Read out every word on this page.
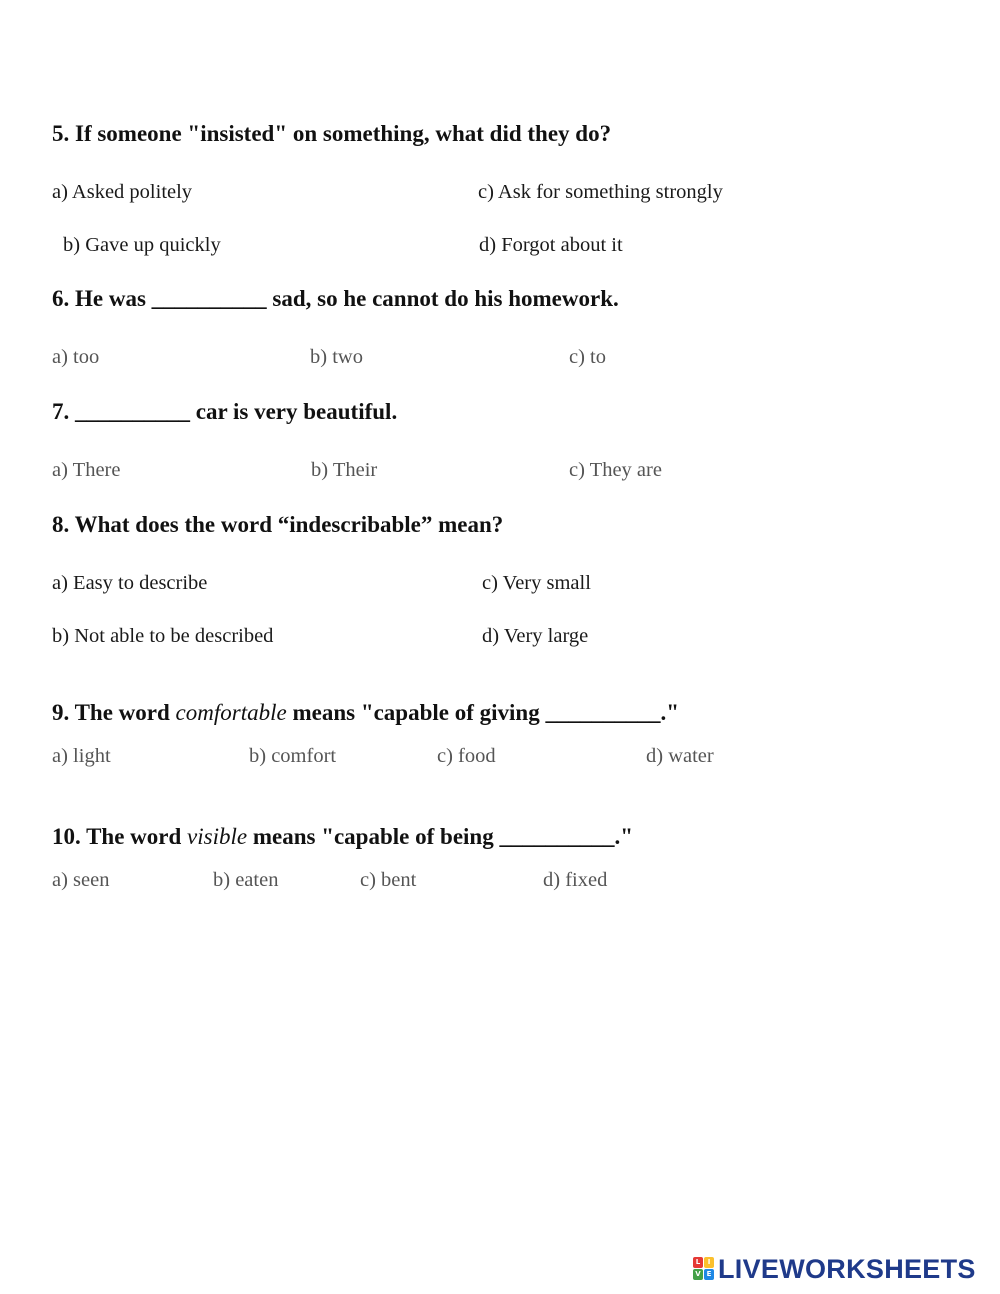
5. If someone "insisted" on something, what did they do?
a) Asked politely	c) Ask for something strongly
b) Gave up quickly	d) Forgot about it
6. He was __________ sad, so he cannot do his homework.
a) too	b) two	c) to
7. __________ car is very beautiful.
a) There	b) Their	c) They are
8. What does the word “indescribable” mean?
a) Easy to describe	c) Very small
b) Not able to be described	d) Very large
9. The word comfortable means "capable of giving __________."
a) light	b) comfort	c) food	d) water
10. The word visible means "capable of being __________."
a) seen	b) eaten	c) bent	d) fixed
L	I
V E LIVEWORKSHEETS
